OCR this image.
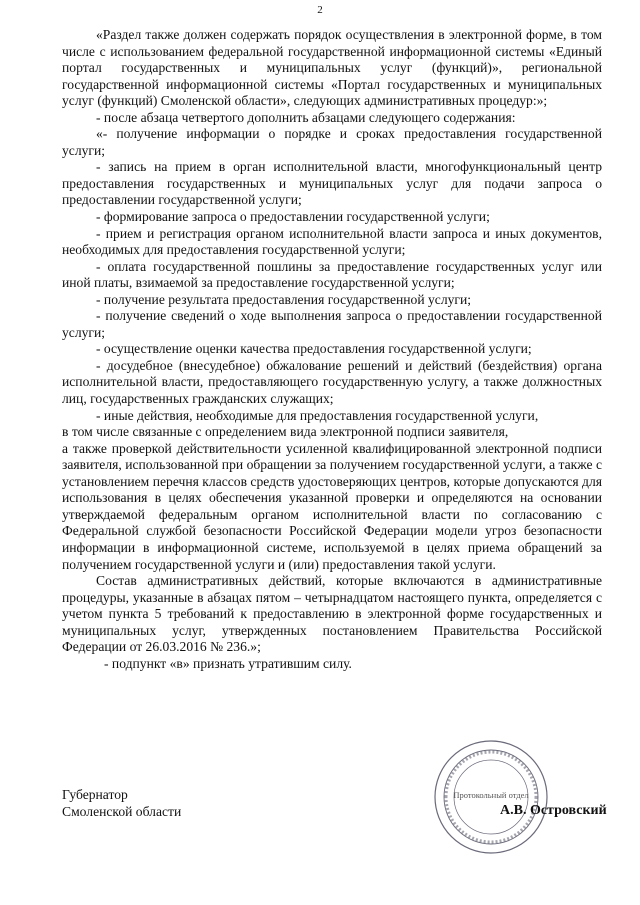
2

«Раздел также должен содержать порядок осуществления в электронной форме, в том числе с использованием федеральной государственной информационной системы «Единый портал государственных и муниципальных услуг (функций)», региональной государственной информационной системы «Портал государственных и муниципальных услуг (функций) Смоленской области», следующих административных процедур:»;

- после абзаца четвертого дополнить абзацами следующего содержания:

«- получение информации о порядке и сроках предоставления государственной услуги;

- запись на прием в орган исполнительной власти, многофункциональный центр предоставления государственных и муниципальных услуг для подачи запроса о предоставлении государственной услуги;

- формирование запроса о предоставлении государственной услуги;

- прием и регистрация органом исполнительной власти запроса и иных документов, необходимых для предоставления государственной услуги;

- оплата государственной пошлины за предоставление государственных услуг или иной платы, взимаемой за предоставление государственной услуги;

- получение результата предоставления государственной услуги;

- получение сведений о ходе выполнения запроса о предоставлении государственной услуги;

- осуществление оценки качества предоставления государственной услуги;

- досудебное (внесудебное) обжалование решений и действий (бездействия) органа исполнительной власти, предоставляющего государственную услугу, а также должностных лиц, государственных гражданских служащих;

- иные действия, необходимые для предоставления государственной услуги,

в том числе связанные с определением вида электронной подписи заявителя,

а также проверкой действительности усиленной квалифицированной электронной подписи заявителя, использованной при обращении за получением государственной услуги, а также с установлением перечня классов средств удостоверяющих центров, которые допускаются для использования в целях обеспечения указанной проверки и определяются на основании утверждаемой федеральным органом исполнительной власти по согласованию с Федеральной службой безопасности Российской Федерации модели угроз безопасности информации в информационной системе, используемой в целях приема обращений за получением государственной услуги и (или) предоставления такой услуги.

Состав административных действий, которые включаются в административные процедуры, указанные в абзацах пятом – четырнадцатом настоящего пункта, определяется с учетом пункта 5 требований к предоставлению в электронной форме государственных и муниципальных услуг, утвержденных постановлением Правительства Российской Федерации от 26.03.2016 № 236.»;

- подпункт «в» признать утратившим силу.

Губернатор
Смоленской области
Протокольный отдел
А.В. Островский
